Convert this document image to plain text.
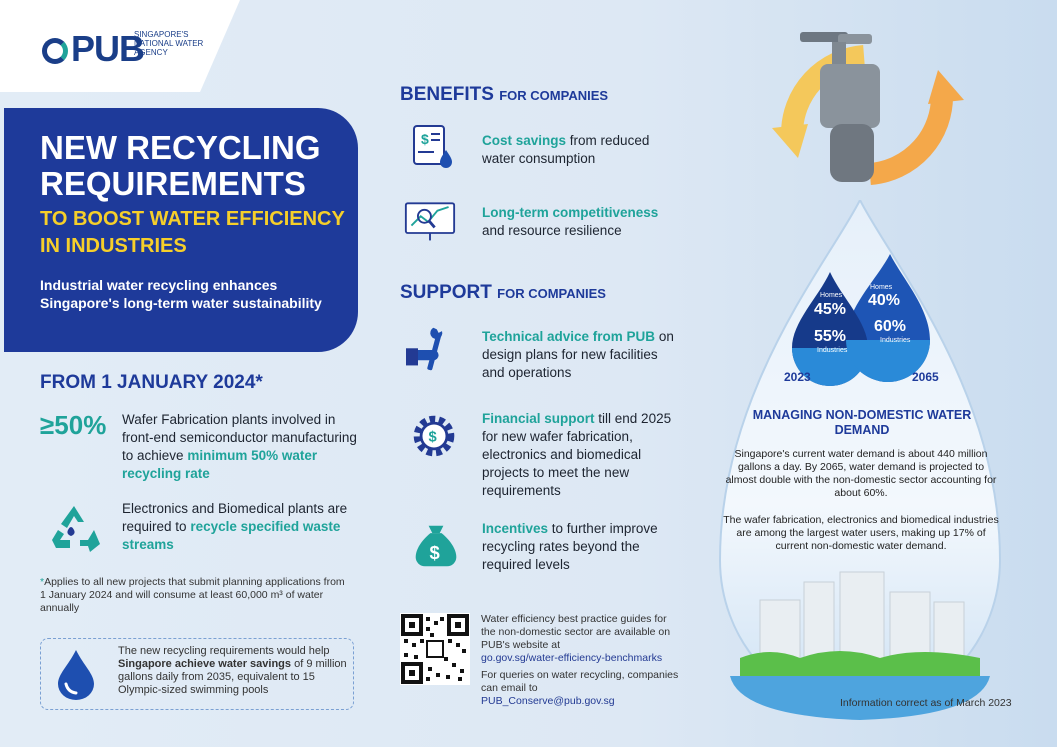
PUB
SINGAPORE'S NATIONAL WATER AGENCY
NEW RECYCLING REQUIREMENTS
TO BOOST WATER EFFICIENCY IN INDUSTRIES
Industrial water recycling enhances Singapore's long-term water sustainability
FROM 1 JANUARY 2024*
≥50% Wafer Fabrication plants involved in front-end semiconductor manufacturing to achieve minimum 50% water recycling rate
Electronics and Biomedical plants are required to recycle specified waste streams
*Applies to all new projects that submit planning applications from 1 January 2024 and will consume at least 60,000 m³ of water annually
The new recycling requirements would help Singapore achieve water savings of 9 million gallons daily from 2035, equivalent to 15 Olympic-sized swimming pools
BENEFITS FOR COMPANIES
$	Cost savings from reduced water consumption
Long-term competitiveness and resource resilience
SUPPORT FOR COMPANIES
Technical advice from PUB on design plans for new facilities and operations
$
Financial support till end 2025 for new wafer fabrication, electronics and biomedical projects to meet the new requirements
$
Incentives to further improve recycling rates beyond the required levels
Water efficiency best practice guides for the non-domestic sector are available on PUB's website at
go.gov.sg/water-efficiency-benchmarks
For queries on water recycling, companies can email to
PUB_Conserve@pub.gov.sg
Homes
45%
55%
Industries
Homes
40%
60%
Industries
2023	2065
MANAGING NON-DOMESTIC WATER DEMAND
Singapore's current water demand is about 440 million gallons a day. By 2065, water demand is projected to almost double with the non-domestic sector accounting for about 60%.
The wafer fabrication, electronics and biomedical industries are among the largest water users, making up 17% of current non-domestic water demand.
Information correct as of March 2023
